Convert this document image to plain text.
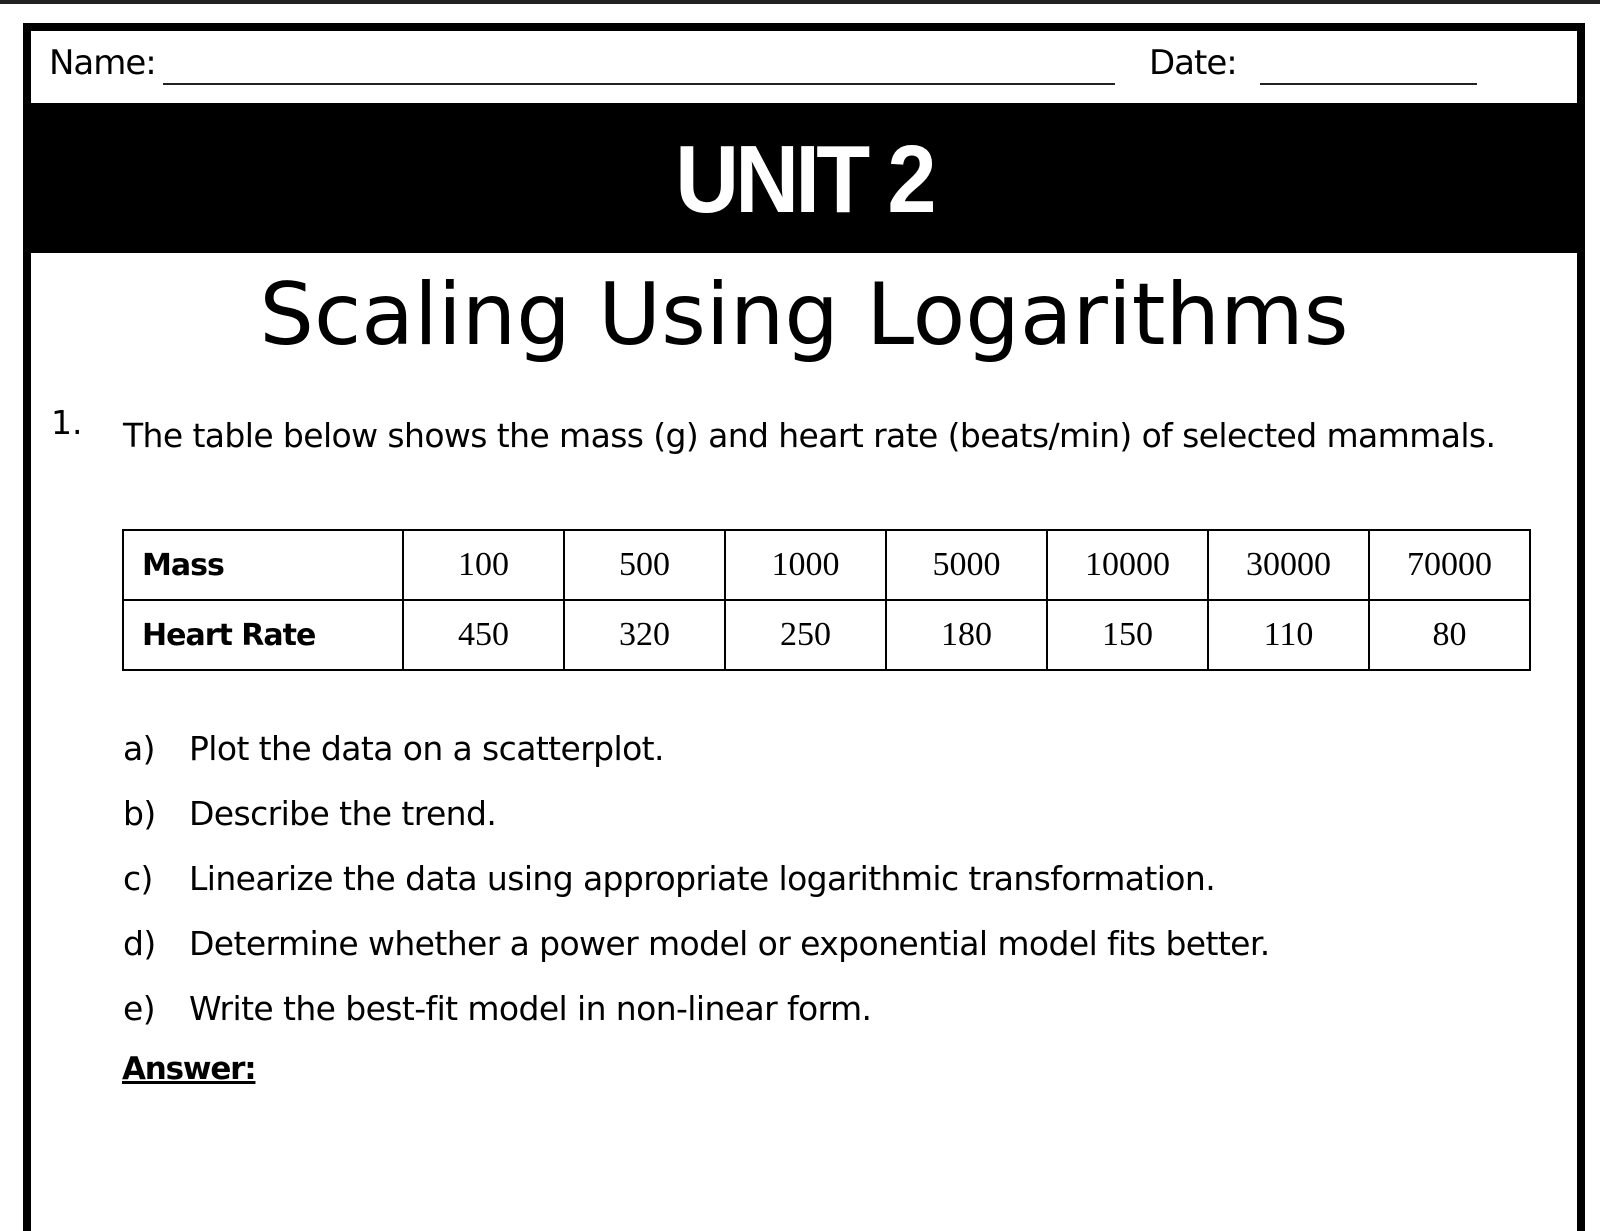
Name:	Date:
UNIT 2
Scaling Using Logarithms
1. The table below shows the mass (g) and heart rate (beats/min) of selected mammals.
Mass	100	500	1000	5000	10000	30000	70000
Heart Rate	450	320	250	180	150	110	80
a) Plot the data on a scatterplot.
b) Describe the trend.
c) Linearize the data using appropriate logarithmic transformation.
d) Determine whether a power model or exponential model fits better.
e) Write the best-fit model in non-linear form.
Answer:
